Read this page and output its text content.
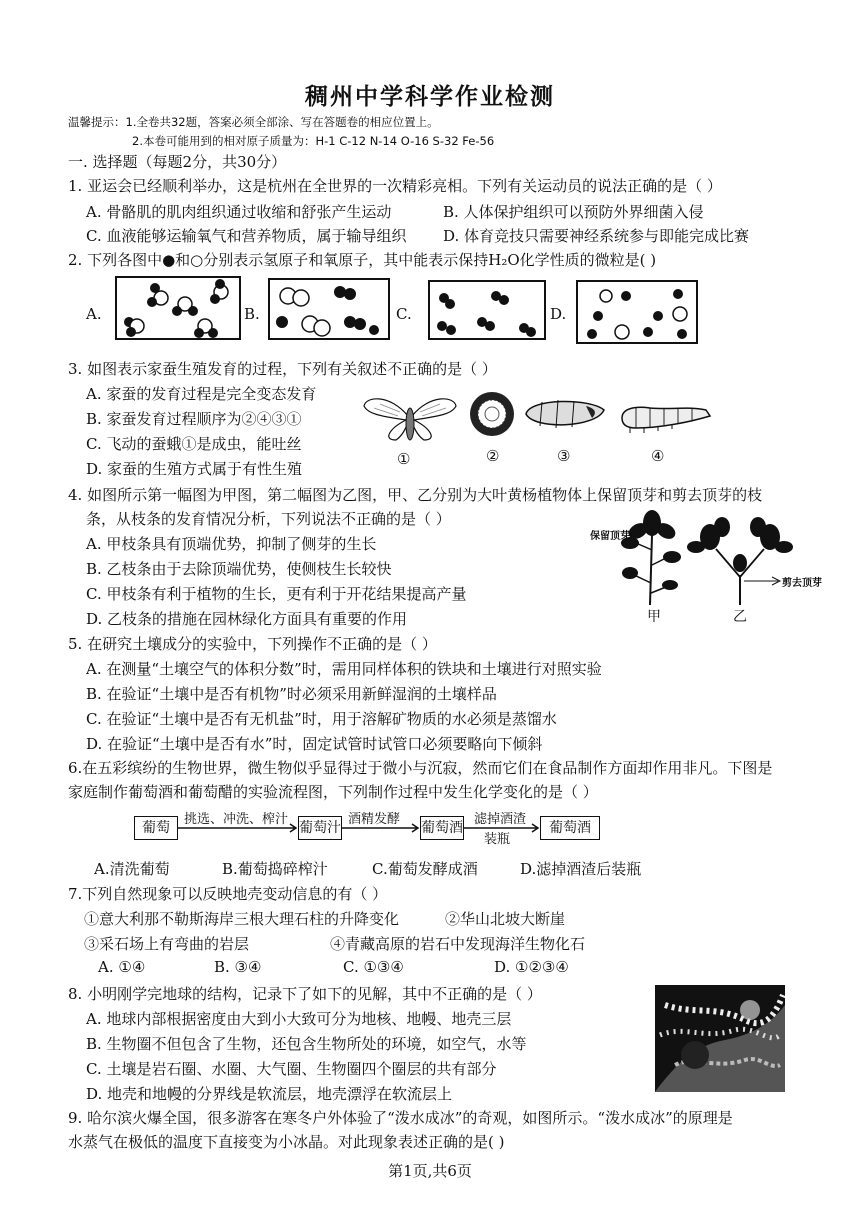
稠州中学科学作业检测
温馨提示：1.全卷共32题，答案必须全部涂、写在答题卷的相应位置上。
2.本卷可能用到的相对原子质量为：H-1 C-12 N-14 O-16 S-32 Fe-56
一. 选择题（每题2分，共30分）
1. 亚运会已经顺利举办，这是杭州在全世界的一次精彩亮相。下列有关运动员的说法正确的是（ ）
A. 骨骼肌的肌肉组织通过收缩和舒张产生运动	B. 人体保护组织可以预防外界细菌入侵
C. 血液能够运输氧气和营养物质，属于输导组织 D. 体育竞技只需要神经系统参与即能完成比赛
2. 下列各图中●和○分别表示氢原子和氧原子，其中能表示保持H₂O化学性质的微粒是( )
A.	B.	C.	D.
3. 如图表示家蚕生殖发育的过程，下列有关叙述不正确的是（ ）
A. 家蚕的发育过程是完全变态发育
B. 家蚕发育过程顺序为②④③①
C. 飞动的蚕蛾①是成虫，能吐丝
D. 家蚕的生殖方式属于有性生殖
①	②	③	④
4. 如图所示第一幅图为甲图，第二幅图为乙图，甲、乙分别为大叶黄杨植物体上保留顶芽和剪去顶芽的枝
条，从枝条的发育情况分析，下列说法不正确的是（ ）
A. 甲枝条具有顶端优势，抑制了侧芽的生长
B. 乙枝条由于去除顶端优势，使侧枝生长较快
C. 甲枝条有利于植物的生长，更有利于开花结果提高产量
D. 乙枝条的措施在园林绿化方面具有重要的作用
保留顶芽
剪去顶芽
甲	乙
5. 在研究土壤成分的实验中，下列操作不正确的是（ ）
A. 在测量“土壤空气的体积分数”时，需用同样体积的铁块和土壤进行对照实验
B. 在验证“土壤中是否有机物”时必须采用新鲜湿润的土壤样品
C. 在验证“土壤中是否有无机盐”时，用于溶解矿物质的水必须是蒸馏水
D. 在验证“土壤中是否有水”时，固定试管时试管口必须要略向下倾斜
6.在五彩缤纷的生物世界，微生物似乎显得过于微小与沉寂，然而它们在食品制作方面却作用非凡。下图是
家庭制作葡萄酒和葡萄醋的实验流程图，下列制作过程中发生化学变化的是（ ）
葡萄
挑选、冲洗、榨汁
葡萄汁
酒精发酵
葡萄酒
滤掉酒渣
装瓶
葡萄酒
A.清洗葡萄	B.葡萄捣碎榨汁	C.葡萄发酵成酒	D.滤掉酒渣后装瓶
7.下列自然现象可以反映地壳变动信息的有（ ）
①意大利那不勒斯海岸三根大理石柱的升降变化	②华山北坡大断崖
③采石场上有弯曲的岩层	④青藏高原的岩石中发现海洋生物化石
A. ①④	B. ③④	C. ①③④	D. ①②③④
8. 小明刚学完地球的结构，记录下了如下的见解，其中不正确的是（ ）
A. 地球内部根据密度由大到小大致可分为地核、地幔、地壳三层
B. 生物圈不但包含了生物，还包含生物所处的环境，如空气，水等
C. 土壤是岩石圈、水圈、大气圈、生物圈四个圈层的共有部分
D. 地壳和地幔的分界线是软流层，地壳漂浮在软流层上
9. 哈尔滨火爆全国，很多游客在寒冬户外体验了“泼水成冰”的奇观，如图所示。“泼水成冰”的原理是
水蒸气在极低的温度下直接变为小冰晶。对此现象表述正确的是( )
第1页,共6页
